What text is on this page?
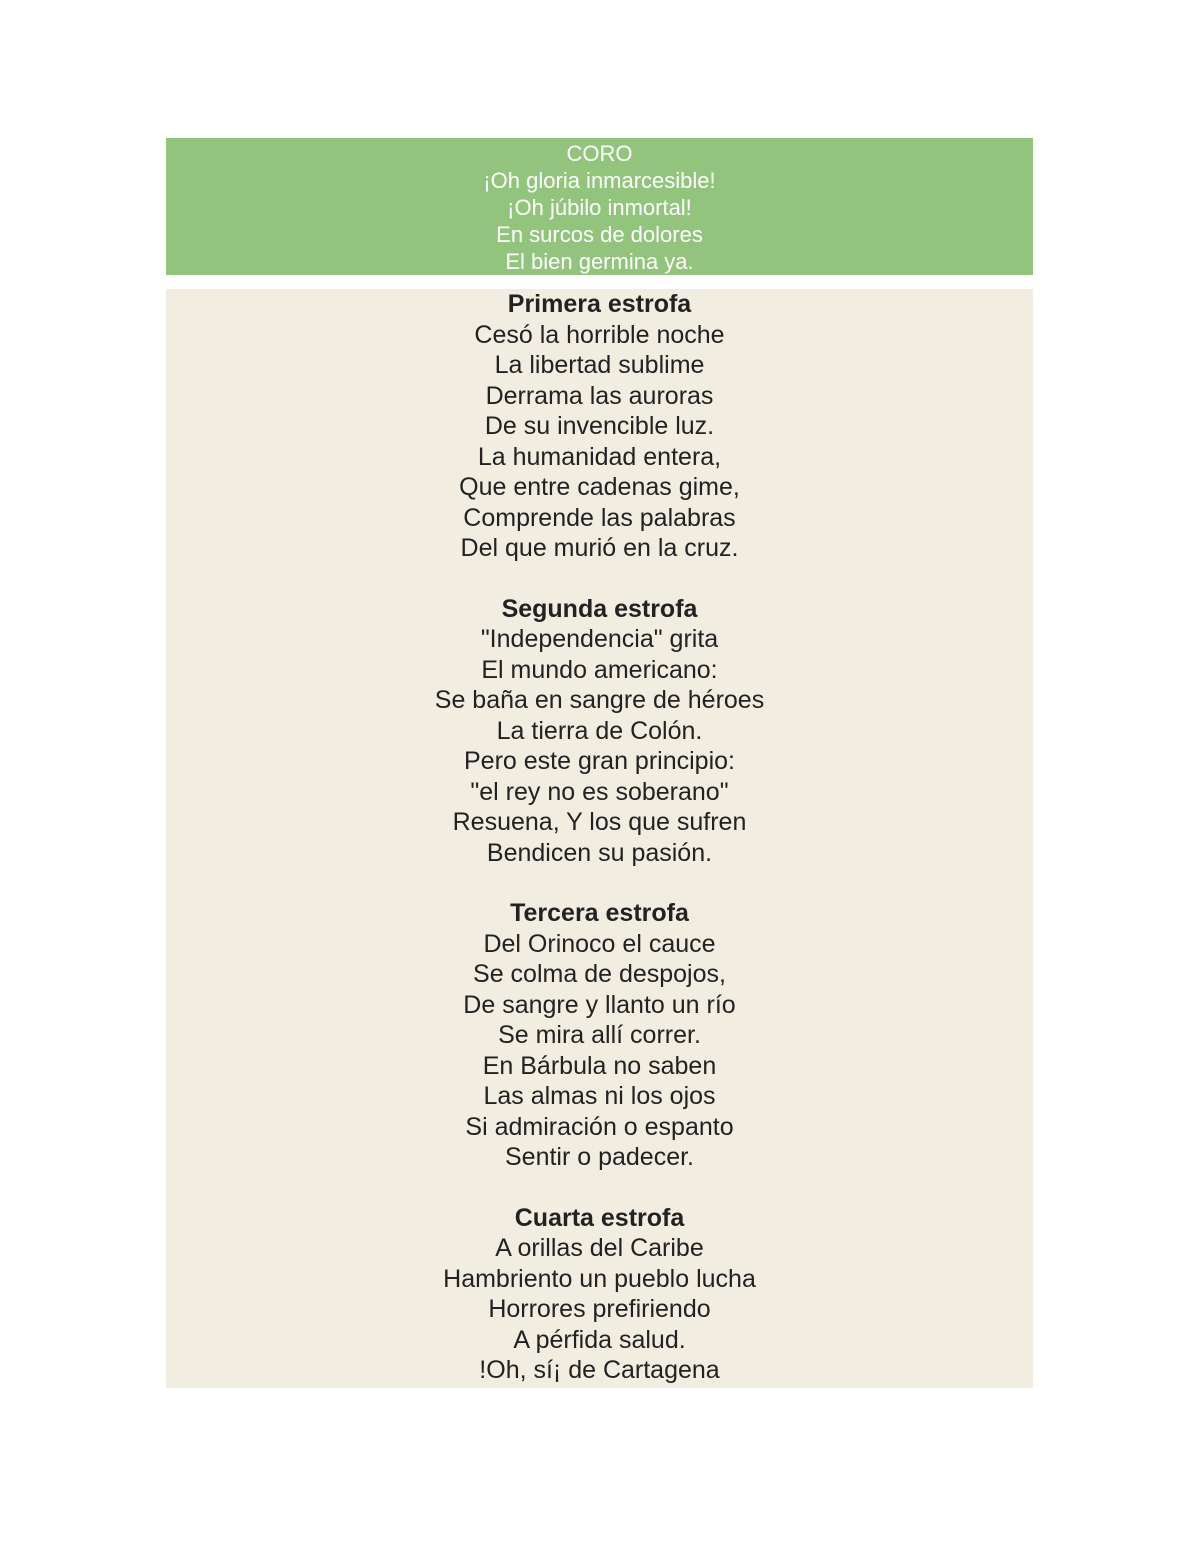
CORO

¡Oh gloria inmarcesible!

¡Oh júbilo inmortal!

En surcos de dolores

El bien germina ya.

Primera estrofa

Cesó la horrible noche

La libertad sublime

Derrama las auroras

De su invencible luz.

La humanidad entera,

Que entre cadenas gime,

Comprende las palabras

Del que murió en la cruz.

Segunda estrofa

"Independencia" grita

El mundo americano:

Se baña en sangre de héroes

La tierra de Colón.

Pero este gran principio:

"el rey no es soberano"

Resuena, Y los que sufren

Bendicen su pasión.

Tercera estrofa

Del Orinoco el cauce

Se colma de despojos,

De sangre y llanto un río

Se mira allí correr.

En Bárbula no saben

Las almas ni los ojos

Si admiración o espanto

Sentir o padecer.

Cuarta estrofa

A orillas del Caribe

Hambriento un pueblo lucha

Horrores prefiriendo

A pérfida salud.

!Oh, sí¡ de Cartagena
